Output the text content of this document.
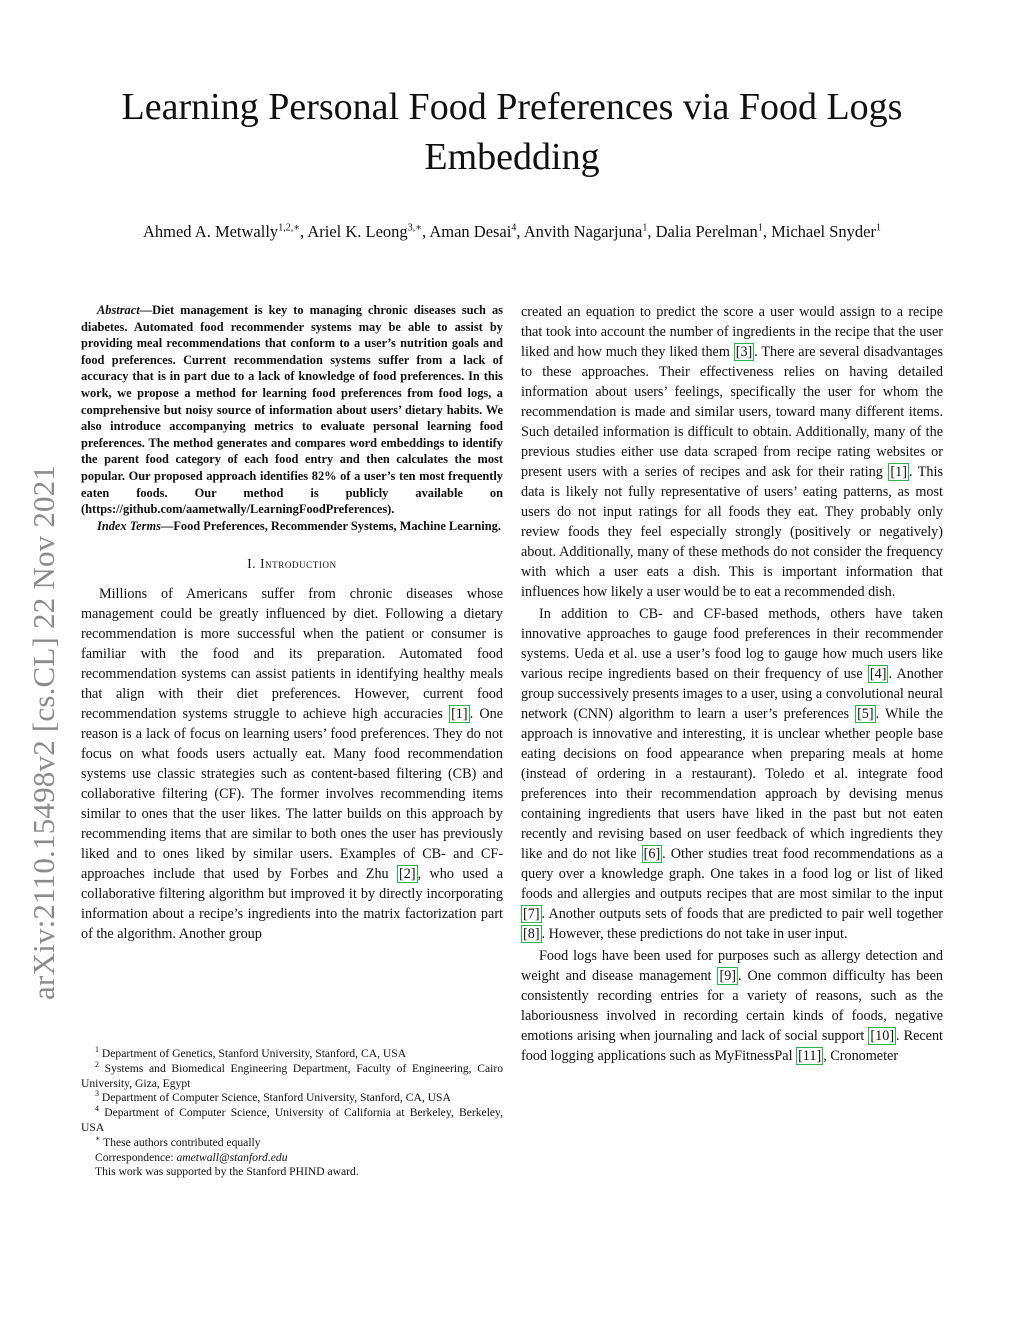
arXiv:2110.15498v2 [cs.CL] 22 Nov 2021
Learning Personal Food Preferences via Food Logs Embedding
Ahmed A. Metwally$^{1,2,∗}$, Ariel K. Leong$^{3,∗}$, Aman Desai$^4$, Anvith Nagarjuna$^1$, Dalia Perelman$^1$, Michael Snyder$^1$

Abstract—Diet management is key to managing chronic diseases such as diabetes. Automated food recommender systems may be able to assist by providing meal recommendations that conform to a user’s nutrition goals and food preferences. Current recommendation systems suffer from a lack of accuracy that is in part due to a lack of knowledge of food preferences. In this work, we propose a method for learning food preferences from food logs, a comprehensive but noisy source of information about users’ dietary habits. We also introduce accompanying metrics to evaluate personal learning food preferences. The method generates and compares word embeddings to identify the parent food category of each food entry and then calculates the most popular. Our proposed approach identifies 82% of a user’s ten most frequently eaten foods. Our method is publicly available on (https://github.com/aametwally/LearningFoodPreferences).

Index Terms—Food Preferences, Recommender Systems, Machine Learning.

I. Introduction

Millions of Americans suffer from chronic diseases whose management could be greatly influenced by diet. Following a dietary recommendation is more successful when the patient or consumer is familiar with the food and its preparation. Automated food recommendation systems can assist patients in identifying healthy meals that align with their diet preferences. However, current food recommendation systems struggle to achieve high accuracies [1] . One reason is a lack of focus on learning users’ food preferences. They do not focus on what foods users actually eat. Many food recommendation systems use classic strategies such as content-based filtering (CB) and collaborative filtering (CF). The former involves recommending items similar to ones that the user likes. The latter builds on this approach by recommending items that are similar to both ones the user has previously liked and to ones liked by similar users. Examples of CB- and CF-approaches include that used by Forbes and Zhu [2] , who used a collaborative filtering algorithm but improved it by directly incorporating information about a recipe’s ingredients into the matrix factorization part of the algorithm. Another group

created an equation to predict the score a user would assign to a recipe that took into account the number of ingredients in the recipe that the user liked and how much they liked them [3] . There are several disadvantages to these approaches. Their effectiveness relies on having detailed information about users’ feelings, specifically the user for whom the recommendation is made and similar users, toward many different items. Such detailed information is difficult to obtain. Additionally, many of the previous studies either use data scraped from recipe rating websites or present users with a series of recipes and ask for their rating [1] . This data is likely not fully representative of users’ eating patterns, as most users do not input ratings for all foods they eat. They probably only review foods they feel especially strongly (positively or negatively) about. Additionally, many of these methods do not consider the frequency with which a user eats a dish. This is important information that influences how likely a user would be to eat a recommended dish.

In addition to CB- and CF-based methods, others have taken innovative approaches to gauge food preferences in their recommender systems. Ueda et al. use a user’s food log to gauge how much users like various recipe ingredients based on their frequency of use [4] . Another group successively presents images to a user, using a convolutional neural network (CNN) algorithm to learn a user’s preferences [5] . While the approach is innovative and interesting, it is unclear whether people base eating decisions on food appearance when preparing meals at home (instead of ordering in a restaurant). Toledo et al. integrate food preferences into their recommendation approach by devising menus containing ingredients that users have liked in the past but not eaten recently and revising based on user feedback of which ingredients they like and do not like [6] . Other studies treat food recommendations as a query over a knowledge graph. One takes in a food log or list of liked foods and allergies and outputs recipes that are most similar to the input [7] . Another outputs sets of foods that are predicted to pair well together [8] . However, these predictions do not take in user input.

Food logs have been used for purposes such as allergy detection and weight and disease management [9] . One common difficulty has been consistently recording entries for a variety of reasons, such as the laboriousness involved in recording certain kinds of foods, negative emotions arising when journaling and lack of social support [10] . Recent food logging applications such as MyFitnessPal [11] , Cronometer

$^1$ Department of Genetics, Stanford University, Stanford, CA, USA

$^2$ Systems and Biomedical Engineering Department, Faculty of Engineering, Cairo University, Giza, Egypt

$^3$ Department of Computer Science, Stanford University, Stanford, CA, USA

$^4$ Department of Computer Science, University of California at Berkeley, Berkeley, USA

∗ These authors contributed equally

Correspondence: ametwall@stanford.edu

This work was supported by the Stanford PHIND award.
